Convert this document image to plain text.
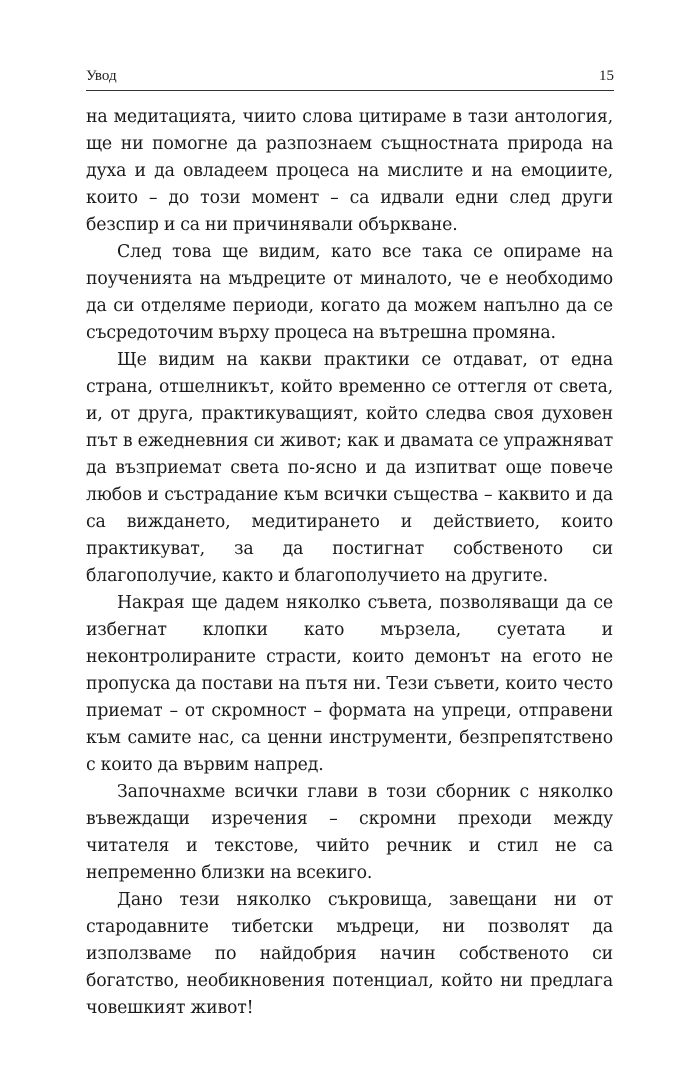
Увод	15

на медитацията, чиито слова цитираме в тази антология, ще ни помогне да разпознаем същностната природа на духа и да овладеем процеса на мислите и на емоциите, които – до този момент – са идвали едни след други безспир и са ни причинявали объркване.

След това ще видим, като все така се опираме на поученията на мъдреците от миналото, че е необходимо да си отделяме периоди, когато да можем напълно да се съсредоточим върху процеса на вътрешна промяна.

Ще видим на какви практики се отдават, от една страна, отшелникът, който временно се оттегля от света, и, от друга, практикуващият, който следва своя духовен път в ежедневния си живот; как и двамата се упражняват да възприемат света по-ясно и да изпитват още повече любов и състрадание към всички същества – каквито и да са виждането, медитирането и действието, които практикуват, за да постигнат собственото си благополучие, както и благополучието на другите.

Накрая ще дадем няколко съвета, позволяващи да се избегнат клопки като мързела, суетата и неконтролираните страсти, които демонът на егото не пропуска да постави на пътя ни. Тези съвети, които често приемат – от скромност – формата на упреци, отправени към самите нас, са ценни инструменти, безпрепятствено с които да вървим напред.

Започнахме всички глави в този сборник с няколко въвеждащи изречения – скромни преходи между читателя и текстове, чийто речник и стил не са непременно близки на всекиго.

Дано тези няколко съкровища, завещани ни от стародавните тибетски мъдреци, ни позволят да използваме по найдобрия начин собственото си богатство, необикновения потенциал, който ни предлага човешкият живот!
